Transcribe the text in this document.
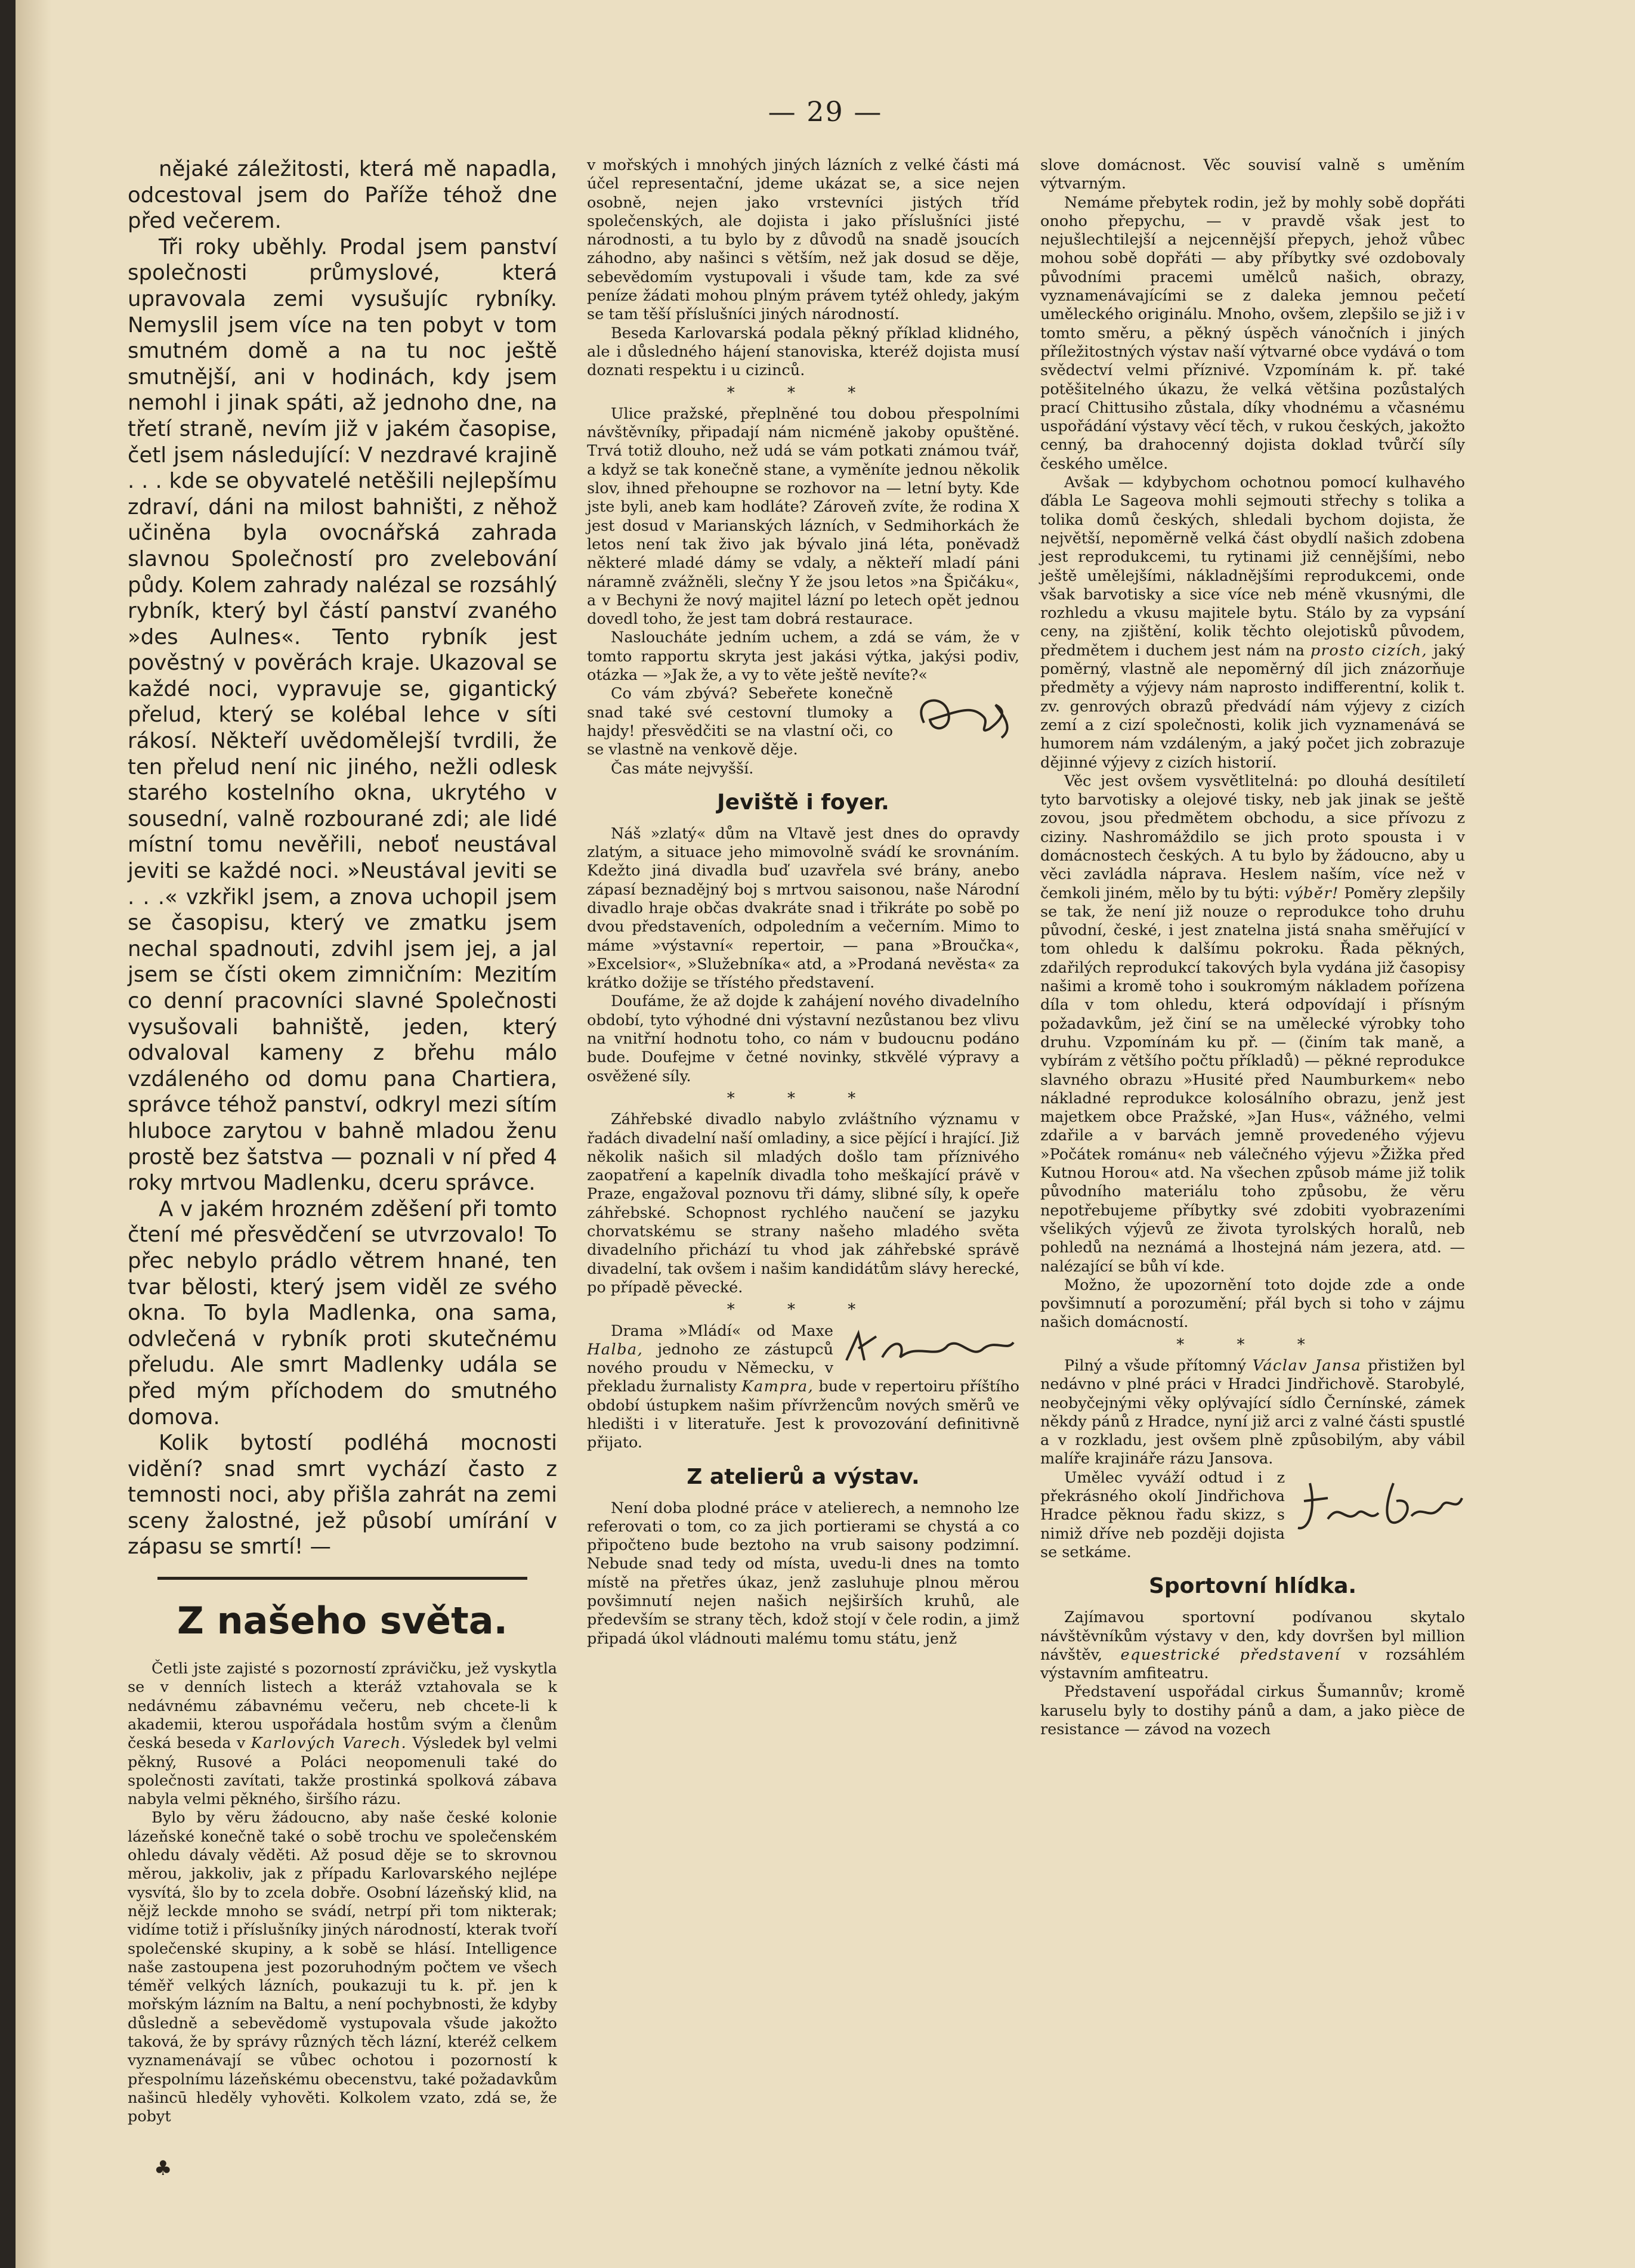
— 29 —

nějaké záležitosti, která mě napadla, odcestoval jsem do Paříže téhož dne před večerem.

Tři roky uběhly. Prodal jsem panství společnosti průmyslové, která upravovala zemi vysušujíc rybníky. Nemyslil jsem více na ten pobyt v tom smutném domě a na tu noc ještě smutnější, ani v hodinách, kdy jsem nemohl i jinak spáti, až jednoho dne, na třetí straně, nevím již v jakém časopise, četl jsem následující: V nezdravé krajině . . . kde se obyvatelé netěšili nejlepšímu zdraví, dáni na milost bahništi, z něhož učiněna byla ovocnářská zahrada slavnou Společností pro zvelebování půdy. Kolem zahrady nalézal se rozsáhlý rybník, který byl částí panství zvaného »des Aulnes«. Tento rybník jest pověstný v pověrách kraje. Ukazoval se každé noci, vypravuje se, gigantický přelud, který se kolébal lehce v síti rákosí. Někteří uvědomělejší tvrdili, že ten přelud není nic jiného, nežli odlesk starého kostelního okna, ukrytého v sousední, valně rozbourané zdi; ale lidé místní tomu nevěřili, neboť neustával jeviti se každé noci. »Neustával jeviti se . . .« vzkřikl jsem, a znova uchopil jsem se časopisu, který ve zmatku jsem nechal spadnouti, zdvihl jsem jej, a jal jsem se čísti okem zimničním: Mezitím co denní pracovníci slavné Společnosti vysušovali bahniště, jeden, který odvaloval kameny z břehu málo vzdáleného od domu pana Chartiera, správce téhož panství, odkryl mezi sítím hluboce zarytou v bahně mladou ženu prostě bez šatstva — poznali v ní před 4 roky mrtvou Madlenku, dceru správce.

A v jakém hrozném zděšení při tomto čtení mé přesvědčení se utvrzovalo! To přec nebylo prádlo větrem hnané, ten tvar bělosti, který jsem viděl ze svého okna. To byla Madlenka, ona sama, odvlečená v rybník proti skutečnému přeludu. Ale smrt Madlenky udála se před mým příchodem do smutného domova.

Kolik bytostí podléhá mocnosti vidění? snad smrt vychází často z temnosti noci, aby přišla zahrát na zemi sceny žalostné, jež působí umírání v zápasu se smrtí! —

Z našeho světa.

Četli jste zajisté s pozorností zprávičku, jež vyskytla se v denních listech a kteráž vztahovala se k nedávnému zábavnému večeru, neb chcete-li k akademii, kterou uspořádala hostům svým a členům česká beseda v Karlových Varech. Výsledek byl velmi pěkný, Rusové a Poláci neopomenuli také do společnosti zavítati, takže prostinká spolková zábava nabyla velmi pěkného, širšího rázu.

Bylo by věru žádoucno, aby naše české kolonie lázeňské konečně také o sobě trochu ve společenském ohledu dávaly věděti. Až posud děje se to skrovnou měrou, jakkoliv, jak z případu Karlovarského nejlépe vysvítá, šlo by to zcela dobře. Osobní lázeňský klid, na nějž leckde mnoho se svádí, netrpí při tom nikterak; vidíme totiž i příslušníky jiných národností, kterak tvoří společenské skupiny, a k sobě se hlásí. Intelligence naše zastoupena jest pozoruhodným počtem ve všech téměř velkých lázních, poukazuji tu k. př. jen k mořským lázním na Baltu, a není pochybnosti, že kdyby důsledně a sebevědomě vystupovala všude jakožto taková, že by správy různých těch lázní, kteréž celkem vyznamenávají se vůbec ochotou i pozorností k přespolnímu lázeňskému obecenstvu, také požadavkům našincū hleděly vyhověti. Kolkolem vzato, zdá se, že pobyt

v mořských i mnohých jiných lázních z velké části má účel representační, jdeme ukázat se, a sice nejen osobně, nejen jako vrstevníci jistých tříd společenských, ale dojista i jako příslušníci jisté národnosti, a tu bylo by z důvodů na snadě jsoucích záhodno, aby našinci s větším, než jak dosud se děje, sebevědomím vystupovali i všude tam, kde za své peníze žádati mohou plným právem tytéž ohledy, jakým se tam těší příslušníci jiných národností.

Beseda Karlovarská podala pěkný příklad klidného, ale i důsledného hájení stanoviska, kteréž dojista musí doznati respektu i u cizinců.

* * *

Ulice pražské, přeplněné tou dobou přespolními návštěvníky, připadají nám nicméně jakoby opuštěné. Trvá totiž dlouho, než udá se vám potkati známou tvář, a když se tak konečně stane, a vyměníte jednou několik slov, ihned přehoupne se rozhovor na — letní byty. Kde jste byli, aneb kam hodláte? Zároveň zvíte, že rodina X jest dosud v Marianských lázních, v Sedmihorkách že letos není tak živo jak bývalo jiná léta, poněvadž některé mladé dámy se vdaly, a někteří mladí páni náramně zvážněli, slečny Y že jsou letos »na Špičáku«, a v Bechyni že nový majitel lázní po letech opět jednou dovedl toho, že jest tam dobrá restaurace.

Nasloucháte jedním uchem, a zdá se vám, že v tomto rapportu skryta jest jakási výtka, jakýsi podiv, otázka — »Jak že, a vy to věte ještě nevíte?«

Pavel

Co vám zbývá? Sebeřete konečně snad také své cestovní tlumoky a hajdy! přesvědčiti se na vlastní oči, co se vlastně na venkově děje.

Čas máte nejvyšší.

Jeviště i foyer.

Náš »zlatý« dům na Vltavě jest dnes do opravdy zlatým, a situace jeho mimovolně svádí ke srovnáním. Kdežto jiná divadla buď uzavřela své brány, anebo zápasí beznadějný boj s mrtvou saisonou, naše Národní divadlo hraje občas dvakráte snad i třikráte po sobě po dvou představeních, odpoledním a večerním. Mimo to máme »výstavní« repertoir, — pana »Broučka«, »Excelsior«, »Služebníka« atd, a »Prodaná nevěsta« za krátko dožije se třístého představení.

Doufáme, že až dojde k zahájení nového divadelního období, tyto výhodné dni výstavní nezůstanou bez vlivu na vnitřní hodnotu toho, co nám v budoucnu podáno bude. Doufejme v četné novinky, stkvělé výpravy a osvěžené síly.

* * *

Záhřebské divadlo nabylo zvláštního významu v řadách divadelní naší omladiny, a sice pějící i hrající. Již několik našich sil mladých došlo tam příznivého zaopatření a kapelník divadla toho meškající právě v Praze, engažoval poznovu tři dámy, slibné síly, k opeře záhřebské. Schopnost rychlého naučení se jazyku chorvatskému se strany našeho mladého světa divadelního přichází tu vhod jak záhřebské správě divadelní, tak ovšem i našim kandidátům slávy herecké, po případě pěvecké.

* * *
K. Kazimour

Drama »Mládí« od Maxe Halba, jednoho ze zástupců nového proudu v Německu, v překladu žurnalisty Kampra, bude v repertoiru příštího období ústupkem našim přívržencům nových směrů ve hledišti i v literatuře. Jest k provozování definitivně přijato.

Z atelierů a výstav.

Není doba plodné práce v atelierech, a nemnoho lze referovati o tom, co za jich portieramі se chystá a co připočteno bude beztoho na vrub saisony podzimní. Nebude snad tedy od místa, uvedu-li dnes na tomto místě na přetřes úkaz, jenž zasluhuje plnou měrou povšimnutí nejen našich nejširších kruhů, ale především se strany těch, kdož stojí v čele rodin, a jimž připadá úkol vládnouti malému tomu státu, jenž

slove domácnost. Věc souvisí valně s uměním výtvarným.

Nemáme přebytek rodin, jež by mohly sobě dopřáti onoho přepychu, — v pravdě však jest to nejušlechtilejší a nejcennější přepych, jehož vůbec mohou sobě dopřáti — aby příbytky své ozdobovaly původními pracemi umělců našich, obrazy, vyznamenávajícími se z daleka jemnou pečetí uměleckého originálu. Mnoho, ovšem, zlepšilo se již i v tomto směru, a pěkný úspěch vánočních i jiných příležitostných výstav naší výtvarné obce vydává o tom svědectví velmi příznivé. Vzpomínám k. př. také potěšitelného úkazu, že velká většina pozůstalých prací Chittusiho zůstala, díky vhodnému a včasnému uspořádání výstavy věcí těch, v rukou českých, jakožto cenný, ba drahocenný dojista doklad tvůrčí síly českého umělce.

Avšak — kdybychom ochotnou pomocí kulhavého ďábla Le Sageova mohli sejmouti střechy s tolika a tolika domů českých, shledali bychom dojista, že největší, nepoměrně velká část obydlí našich zdobena jest reprodukcemi, tu rytinami již cennějšími, nebo ještě umělejšími, nákladnějšími reprodukcemi, onde však barvotisky a sice více neb méně vkusnými, dle rozhledu a vkusu majitele bytu. Stálo by za vypsání ceny, na zjištění, kolik těchto olejotisků původem, předmětem i duchem jest nám na prosto cizích, jaký poměrný, vlastně ale nepoměrný díl jich znázorňuje předměty a výjevy nám naprosto indifferentní, kolik t. zv. genrových obrazů předvádí nám výjevy z cizích zemí a z cizí společnosti, kolik jich vyznamenává se humorem nám vzdáleným, a jaký počet jich zobrazuje dějinné výjevy z cizích historií.

Věc jest ovšem vysvětlitelná: po dlouhá desítiletí tyto barvotisky a olejové tisky, neb jak jinak se ještě zovou, jsou předmětem obchodu, a sice přívozu z ciziny. Nashromáždilo se jich proto spousta i v domácnostech českých. A tu bylo by žádoucno, aby u věci zavládla náprava. Heslem naším, více než v čemkoli jiném, mělo by tu býti: výběr! Poměry zlepšily se tak, že není již nouze o reprodukce toho druhu původní, české, i jest znatelna jistá snaha směřující v tom ohledu k dalšímu pokroku. Řada pěkných, zdařilých reprodukcí takových byla vydána již časopisy našimi a kromě toho i soukromým nákladem pořízena díla v tom ohledu, která odpovídají i přísným požadavkům, jež činí se na umělecké výrobky toho druhu. Vzpomínám ku př. — (činím tak maně, a vybírám z většího počtu příkladů) — pěkné reprodukce slavného obrazu »Husité před Naumburkem« nebo nákladné reprodukce kolosálního obrazu, jenž jest majetkem obce Pražské, »Jan Hus«, vážného, velmi zdařile a v barvách jemně provedeného výjevu »Počátek románu« neb válečného výjevu »Žižka před Kutnou Horou« atd. Na všechen způsob máme již tolik původního materiálu toho způsobu, že věru nepotřebujeme příbytky své zdobiti vyobrazeními všelikých výjevů ze života tyrolských horalů, neb pohledů na neznámá a lhostejná nám jezera, atd. — nalézající se bůh ví kde.

Možno, že upozornění toto dojde zde a onde povšimnutí a porozumění; přál bych si toho v zájmu našich domácností.

* * *

Pilný a všude přítomný Václav Jansa přistižen byl nedávno v plné práci v Hradci Jindřichově. Starobylé, neobyčejnými věky oplývající sídlo Černínské, zámek někdy pánů z Hradce, nyní již arci z valné části spustlé a v rozkladu, jest ovšem plně způsobilým, aby vábil malíře krajináře rázu Jansova.

Jan Bukáj

Umělec vyváží odtud i z překrásného okolí Jindřichova Hradce pěknou řadu skizz, s nimiž dříve neb později dojista se setkáme.

Sportovní hlídka.

Zajímavou sportovní podívanou skytalo návštěvníkům výstavy v den, kdy dovršen byl million návštěv, equestrické představení v rozsáhlém výstavním amfiteatru.

Představení uspořádal cirkus Šumannův; kromě karuselu byly to dostihy pánů a dam, a jako pièce de resistance — závod na vozech

♣
